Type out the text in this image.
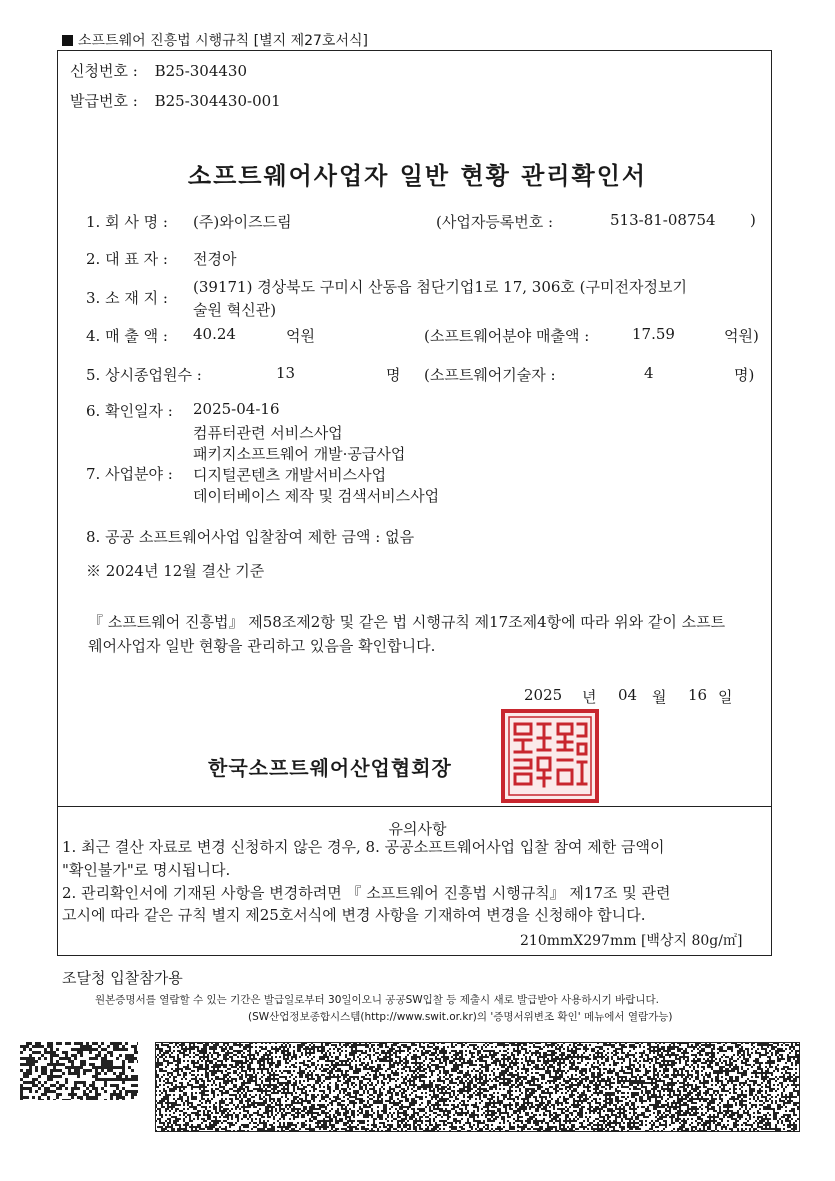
소프트웨어 진흥법 시행규칙 [별지 제27호서식]
신청번호 : B25-304430
발급번호 : B25-304430-001
소프트웨어사업자 일반 현황 관리확인서
1. 회 사 명 : (주)와이즈드림	(사업자등록번호 :	513-81-08754 )
2. 대 표 자 : 전경아
3. 소 재 지 :
(39171) 경상북도 구미시 산동읍 첨단기업1로 17, 306호 (구미전자정보기
술원 혁신관)
4. 매 출 액 : 40.24	억원	(소프트웨어분야 매출액 :	17.59	억원)
5. 상시종업원수 :	13	명 (소프트웨어기술자 :	4	명)
6. 확인일자 : 2025-04-16
7. 사업분야 :
컴퓨터관련 서비스사업
패키지소프트웨어 개발·공급사업
디지털콘텐츠 개발서비스사업
데이터베이스 제작 및 검색서비스사업
8. 공공 소프트웨어사업 입찰참여 제한 금액 : 없음
※ 2024년 12월 결산 기준
『 소프트웨어 진흥법』 제58조제2항 및 같은 법 시행규칙 제17조제4항에 따라 위와 같이 소프트웨어사업자 일반 현황을 관리하고 있음을 확인합니다.
2025 년 04 월 16 일
한국소프트웨어산업협회장
유의사항
1. 최근 결산 자료로 변경 신청하지 않은 경우, 8. 공공소프트웨어사업 입찰 참여 제한 금액이
"확인불가"로 명시됩니다.
2. 관리확인서에 기재된 사항을 변경하려면 『 소프트웨어 진흥법 시행규칙』 제17조 및 관련
고시에 따라 같은 규칙 별지 제25호서식에 변경 사항을 기재하여 변경을 신청해야 합니다.
210mmX297mm [백상지 80g/㎡]
조달청 입찰참가용
원본증명서를 열람할 수 있는 기간은 발급일로부터 30일이오니 공공SW입찰 등 제출시 새로 발급받아 사용하시기 바랍니다.
(SW산업정보종합시스템(http://www.swit.or.kr)의 '증명서위변조 확인' 메뉴에서 열람가능)
